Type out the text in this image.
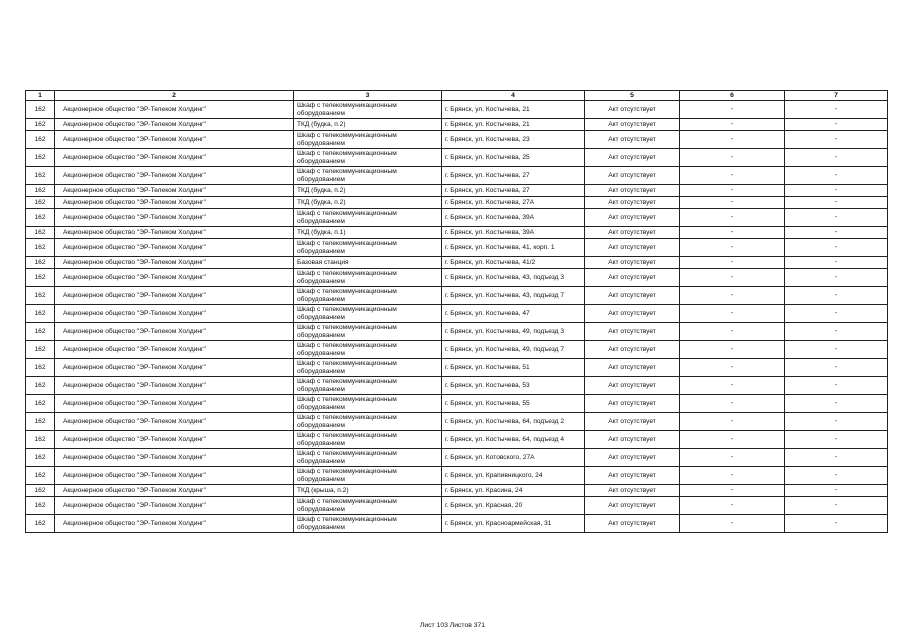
1	2	3	4	5	6	7
162	Акционерное общество "ЭР-Телеком Холдинг"	Шкаф с телекоммуникационным оборудованием	г. Брянск, ул. Костычева, 21	Акт отсутствует	-	-
162	Акционерное общество "ЭР-Телеком Холдинг"	ТКД (будка, п.2)	г. Брянск, ул. Костычева, 21	Акт отсутствует	-	-
162	Акционерное общество "ЭР-Телеком Холдинг"	Шкаф с телекоммуникационным оборудованием	г. Брянск, ул. Костычева, 23	Акт отсутствует	-	-
162	Акционерное общество "ЭР-Телеком Холдинг"	Шкаф с телекоммуникационным оборудованием	г. Брянск, ул. Костычева, 25	Акт отсутствует	-	-
162	Акционерное общество "ЭР-Телеком Холдинг"	Шкаф с телекоммуникационным оборудованием	г. Брянск, ул. Костычева, 27	Акт отсутствует	-	-
162	Акционерное общество "ЭР-Телеком Холдинг"	ТКД (будка, п.2)	г. Брянск, ул. Костычева, 27	Акт отсутствует	-	-
162	Акционерное общество "ЭР-Телеком Холдинг"	ТКД (будка, п.2)	г. Брянск, ул. Костычева, 27А	Акт отсутствует	-	-
162	Акционерное общество "ЭР-Телеком Холдинг"	Шкаф с телекоммуникационным оборудованием	г. Брянск, ул. Костычева, 39А	Акт отсутствует	-	-
162	Акционерное общество "ЭР-Телеком Холдинг"	ТКД (будка, п.1)	г. Брянск, ул. Костычева, 39А	Акт отсутствует	-	-
162	Акционерное общество "ЭР-Телеком Холдинг"	Шкаф с телекоммуникационным оборудованием	г. Брянск, ул. Костычева, 41, корп. 1	Акт отсутствует	-	-
162	Акционерное общество "ЭР-Телеком Холдинг"	Базовая станция	г. Брянск, ул. Костычева, 41/2	Акт отсутствует	-	-
162	Акционерное общество "ЭР-Телеком Холдинг"	Шкаф с телекоммуникационным оборудованием	г. Брянск, ул. Костычева, 43, подъезд 3	Акт отсутствует	-	-
162	Акционерное общество "ЭР-Телеком Холдинг"	Шкаф с телекоммуникационным оборудованием	г. Брянск, ул. Костычева, 43, подъезд 7	Акт отсутствует	-	-
162	Акционерное общество "ЭР-Телеком Холдинг"	Шкаф с телекоммуникационным оборудованием	г. Брянск, ул. Костычева, 47	Акт отсутствует	-	-
162	Акционерное общество "ЭР-Телеком Холдинг"	Шкаф с телекоммуникационным оборудованием	г. Брянск, ул. Костычева, 49, подъезд 3	Акт отсутствует	-	-
162	Акционерное общество "ЭР-Телеком Холдинг"	Шкаф с телекоммуникационным оборудованием	г. Брянск, ул. Костычева, 49, подъезд 7	Акт отсутствует	-	-
162	Акционерное общество "ЭР-Телеком Холдинг"	Шкаф с телекоммуникационным оборудованием	г. Брянск, ул. Костычева, 51	Акт отсутствует	-	-
162	Акционерное общество "ЭР-Телеком Холдинг"	Шкаф с телекоммуникационным оборудованием	г. Брянск, ул. Костычева, 53	Акт отсутствует	-	-
162	Акционерное общество "ЭР-Телеком Холдинг"	Шкаф с телекоммуникационным оборудованием	г. Брянск, ул. Костычева, 55	Акт отсутствует	-	-
162	Акционерное общество "ЭР-Телеком Холдинг"	Шкаф с телекоммуникационным оборудованием	г. Брянск, ул. Костычева, 64, подъезд 2	Акт отсутствует	-	-
162	Акционерное общество "ЭР-Телеком Холдинг"	Шкаф с телекоммуникационным оборудованием	г. Брянск, ул. Костычева, 64, подъезд 4	Акт отсутствует	-	-
162	Акционерное общество "ЭР-Телеком Холдинг"	Шкаф с телекоммуникационным оборудованием	г. Брянск, ул. Котовского, 27А	Акт отсутствует	-	-
162	Акционерное общество "ЭР-Телеком Холдинг"	Шкаф с телекоммуникационным оборудованием	г. Брянск, ул. Крапивницкого, 24	Акт отсутствует	-	-
162	Акционерное общество "ЭР-Телеком Холдинг"	ТКД (крыша, п.2)	г. Брянск, ул. Красина, 24	Акт отсутствует	-	-
162	Акционерное общество "ЭР-Телеком Холдинг"	Шкаф с телекоммуникационным оборудованием	г. Брянск, ул. Красная, 20	Акт отсутствует	-	-
162	Акционерное общество "ЭР-Телеком Холдинг"	Шкаф с телекоммуникационным оборудованием	г. Брянск, ул. Красноармейская, 31	Акт отсутствует	-	-
Лист 103 Листов 371
